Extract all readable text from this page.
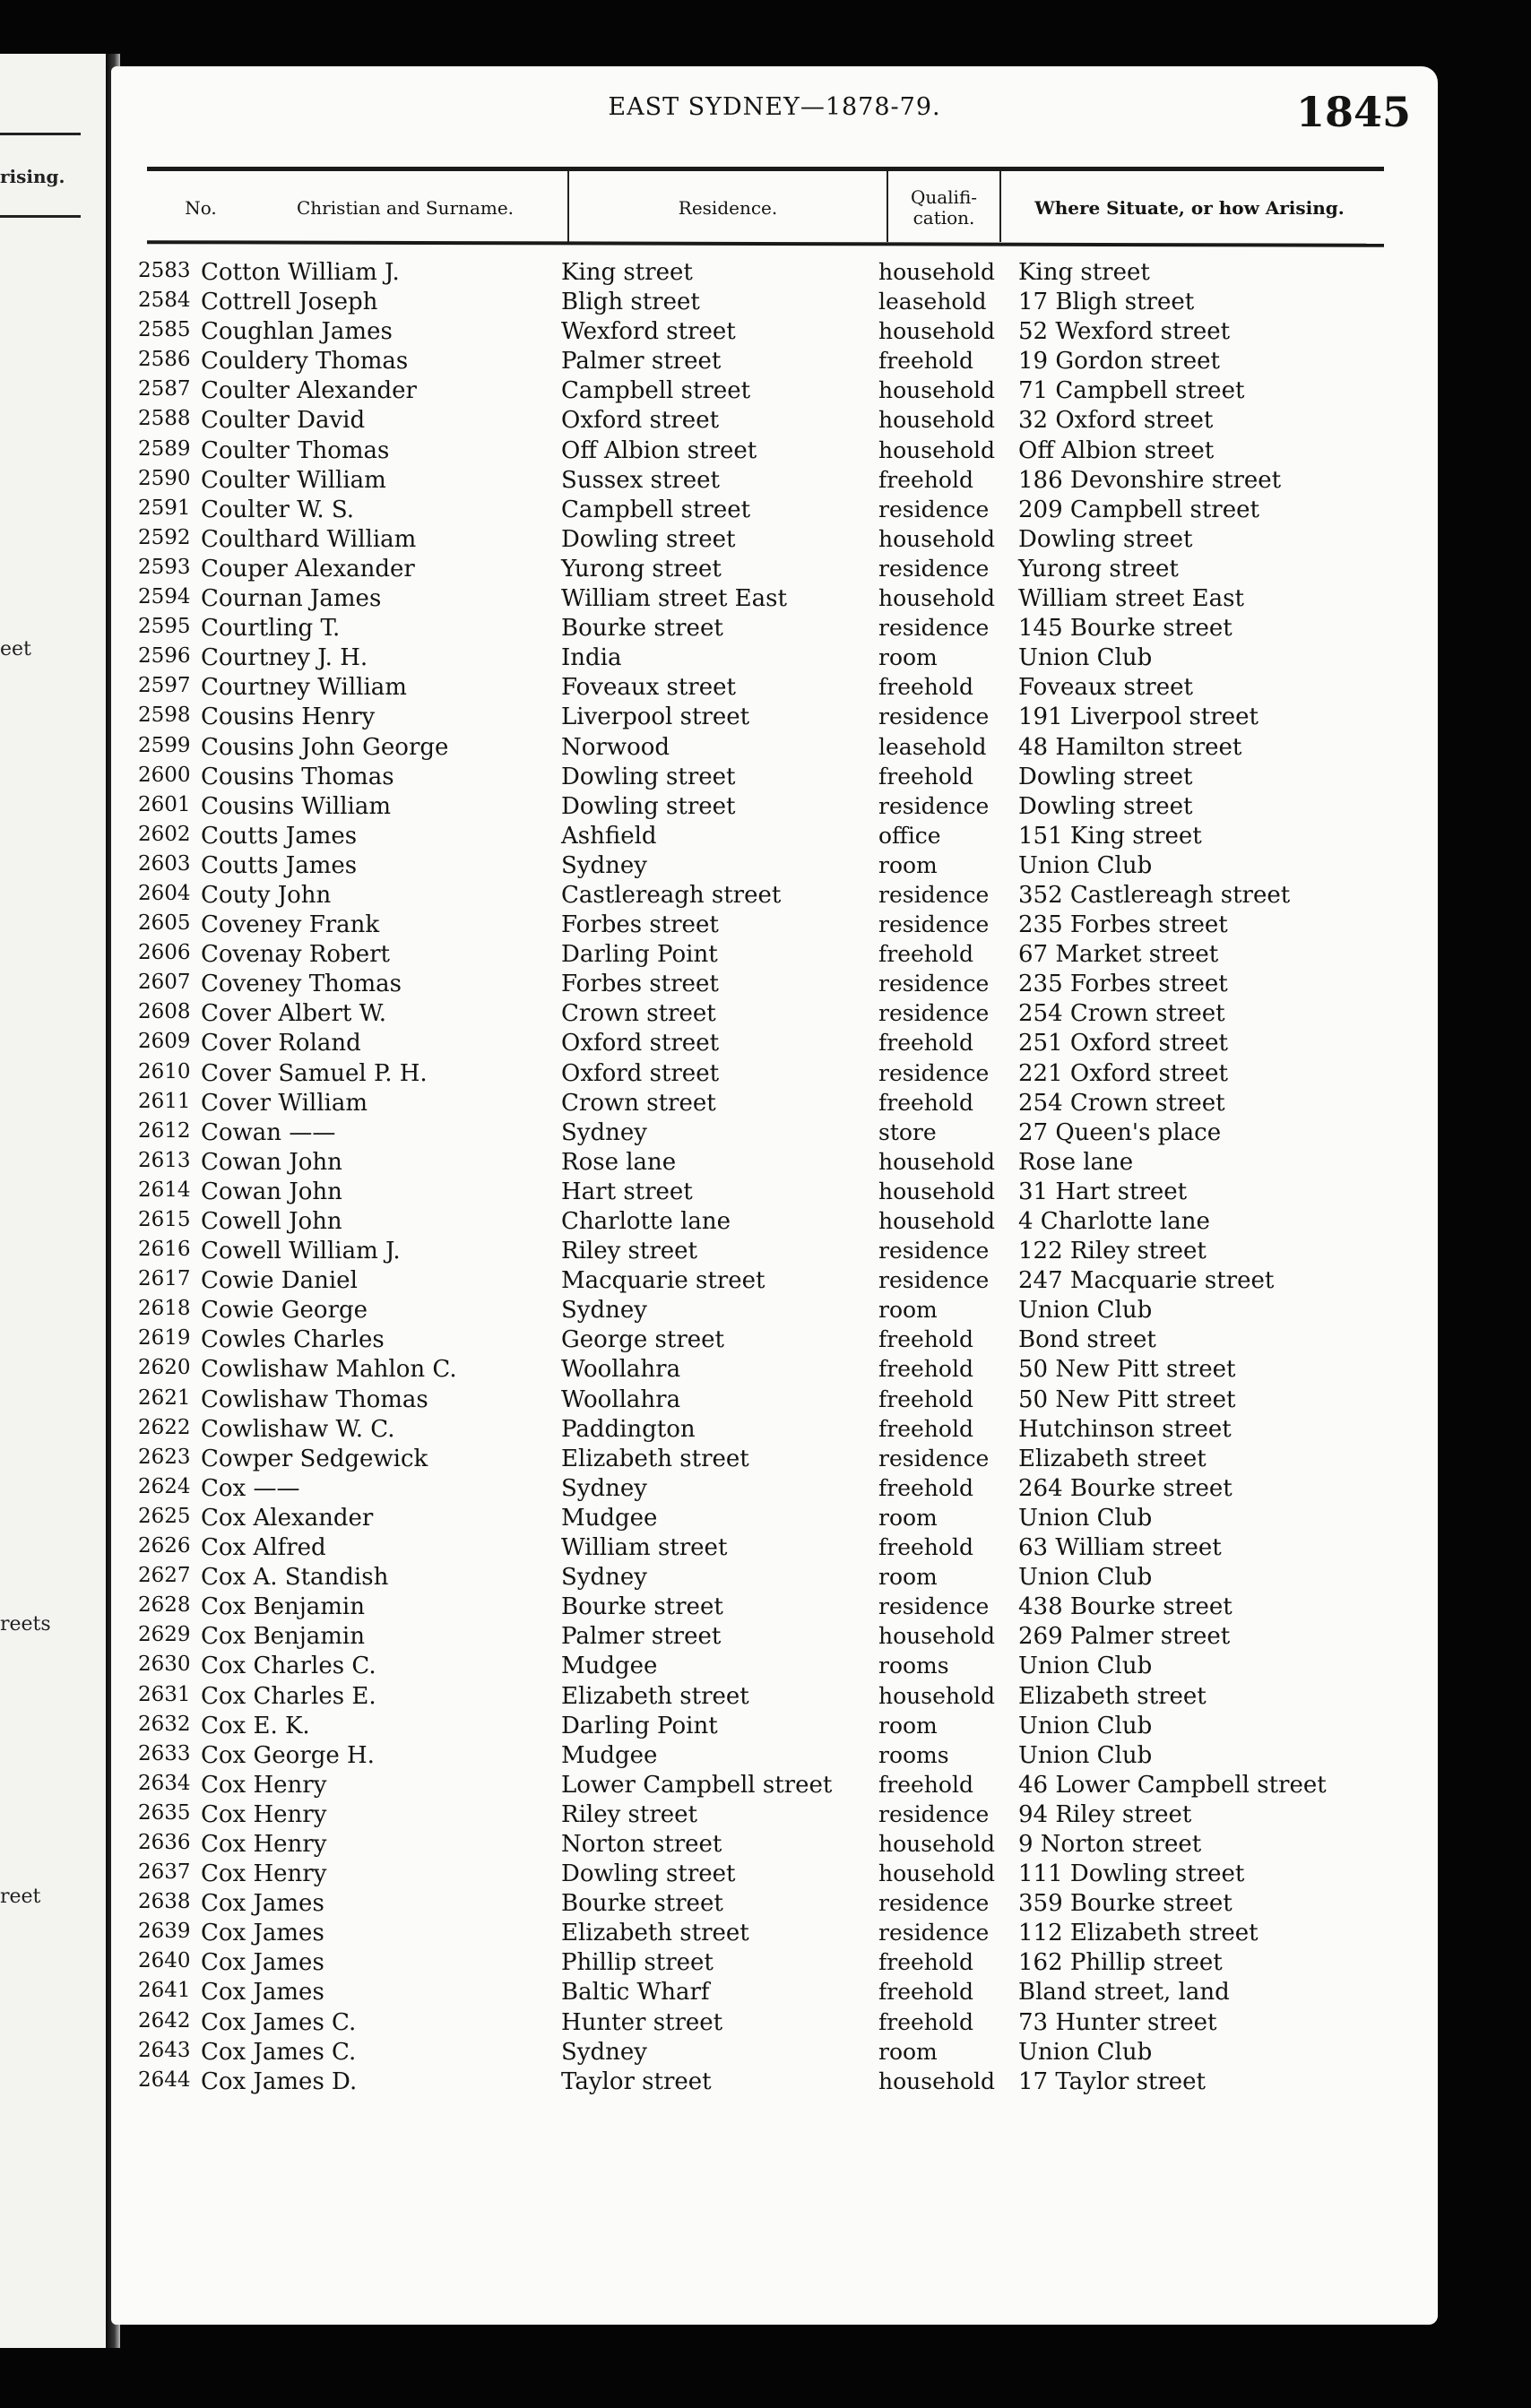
rising.
eet
reets
reet
EAST SYDNEY—1878-79.	1845
No.	Christian and Surname.	Residence.	Qualifi-
cation.	Where Situate, or how Arising.
2583 Cotton William J.	King street	household King street
2584 Cottrell Joseph	Bligh street	leasehold 17 Bligh street
2585 Coughlan James	Wexford street	household 52 Wexford street
2586 Couldery Thomas	Palmer street	freehold 19 Gordon street
2587 Coulter Alexander	Campbell street	household 71 Campbell street
2588 Coulter David	Oxford street	household 32 Oxford street
2589 Coulter Thomas	Off Albion street	household Off Albion street
2590 Coulter William	Sussex street	freehold 186 Devonshire street
2591 Coulter W. S.	Campbell street	residence 209 Campbell street
2592 Coulthard William	Dowling street	household Dowling street
2593 Couper Alexander	Yurong street	residence Yurong street
2594 Cournan James	William street East	household William street East
2595 Courtling T.	Bourke street	residence 145 Bourke street
2596 Courtney J. H.	India	room	Union Club
2597 Courtney William	Foveaux street	freehold Foveaux street
2598 Cousins Henry	Liverpool street	residence 191 Liverpool street
2599 Cousins John George	Norwood	leasehold 48 Hamilton street
2600 Cousins Thomas	Dowling street	freehold Dowling street
2601 Cousins William	Dowling street	residence Dowling street
2602 Coutts James	Ashfield	office	151 King street
2603 Coutts James	Sydney	room	Union Club
2604 Couty John	Castlereagh street	residence 352 Castlereagh street
2605 Coveney Frank	Forbes street	residence 235 Forbes street
2606 Covenay Robert	Darling Point	freehold 67 Market street
2607 Coveney Thomas	Forbes street	residence 235 Forbes street
2608 Cover Albert W.	Crown street	residence 254 Crown street
2609 Cover Roland	Oxford street	freehold 251 Oxford street
2610 Cover Samuel P. H.	Oxford street	residence 221 Oxford street
2611 Cover William	Crown street	freehold 254 Crown street
2612 Cowan ——	Sydney	store	27 Queen's place
2613 Cowan John	Rose lane	household Rose lane
2614 Cowan John	Hart street	household 31 Hart street
2615 Cowell John	Charlotte lane	household 4 Charlotte lane
2616 Cowell William J.	Riley street	residence 122 Riley street
2617 Cowie Daniel	Macquarie street	residence 247 Macquarie street
2618 Cowie George	Sydney	room	Union Club
2619 Cowles Charles	George street	freehold Bond street
2620 Cowlishaw Mahlon C.	Woollahra	freehold 50 New Pitt street
2621 Cowlishaw Thomas	Woollahra	freehold 50 New Pitt street
2622 Cowlishaw W. C.	Paddington	freehold Hutchinson street
2623 Cowper Sedgewick	Elizabeth street	residence Elizabeth street
2624 Cox ——	Sydney	freehold 264 Bourke street
2625 Cox Alexander	Mudgee	room	Union Club
2626 Cox Alfred	William street	freehold 63 William street
2627 Cox A. Standish	Sydney	room	Union Club
2628 Cox Benjamin	Bourke street	residence 438 Bourke street
2629 Cox Benjamin	Palmer street	household 269 Palmer street
2630 Cox Charles C.	Mudgee	rooms	Union Club
2631 Cox Charles E.	Elizabeth street	household Elizabeth street
2632 Cox E. K.	Darling Point	room	Union Club
2633 Cox George H.	Mudgee	rooms	Union Club
2634 Cox Henry	Lower Campbell street freehold 46 Lower Campbell street
2635 Cox Henry	Riley street	residence 94 Riley street
2636 Cox Henry	Norton street	household 9 Norton street
2637 Cox Henry	Dowling street	household 111 Dowling street
2638 Cox James	Bourke street	residence 359 Bourke street
2639 Cox James	Elizabeth street	residence 112 Elizabeth street
2640 Cox James	Phillip street	freehold 162 Phillip street
2641 Cox James	Baltic Wharf	freehold Bland street, land
2642 Cox James C.	Hunter street	freehold 73 Hunter street
2643 Cox James C.	Sydney	room	Union Club
2644 Cox James D.	Taylor street	household 17 Taylor street
